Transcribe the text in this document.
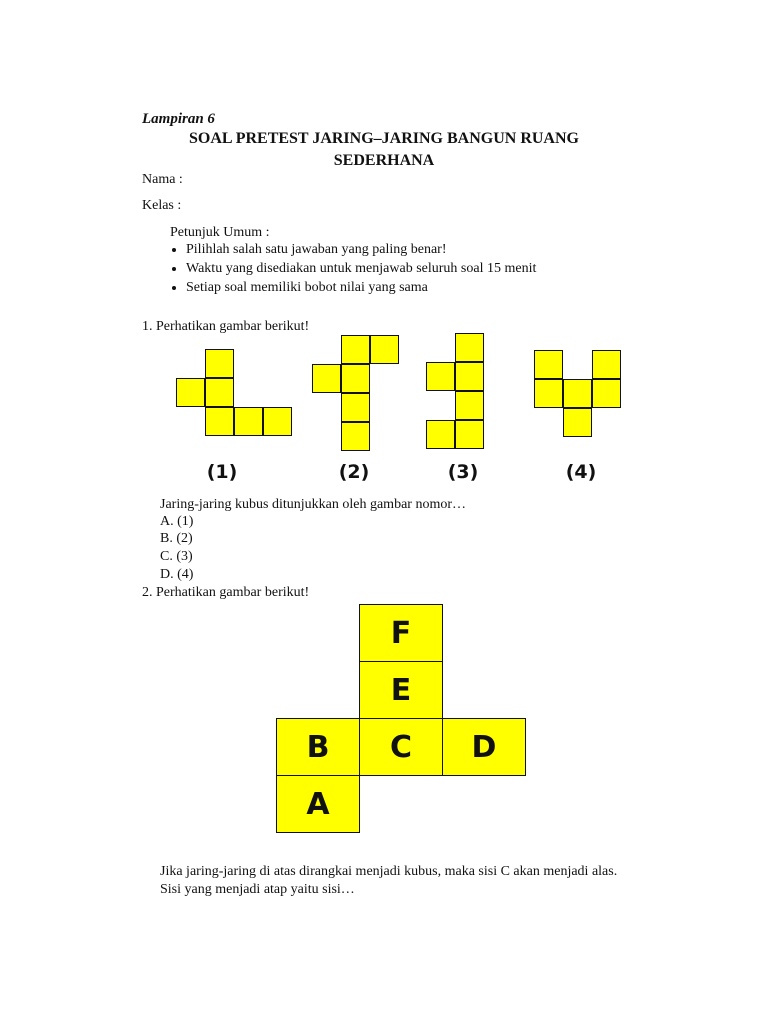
Lampiran 6
SOAL PRETEST JARING–JARING BANGUN RUANG
SEDERHANA
Nama :
Kelas :
Petunjuk Umum :
• Pilihlah salah satu jawaban yang paling benar!
• Waktu yang disediakan untuk menjawab seluruh soal 15 menit
• Setiap soal memiliki bobot nilai yang sama
1. Perhatikan gambar berikut!
(1)	(2)	(3)	(4)
Jaring-jaring kubus ditunjukkan oleh gambar nomor…
A. (1)
B. (2)
C. (3)
D. (4)
2. Perhatikan gambar berikut!
F
E
B	C	D
A
Jika jaring-jaring di atas dirangkai menjadi kubus, maka sisi C akan menjadi alas.
Sisi yang menjadi atap yaitu sisi…
